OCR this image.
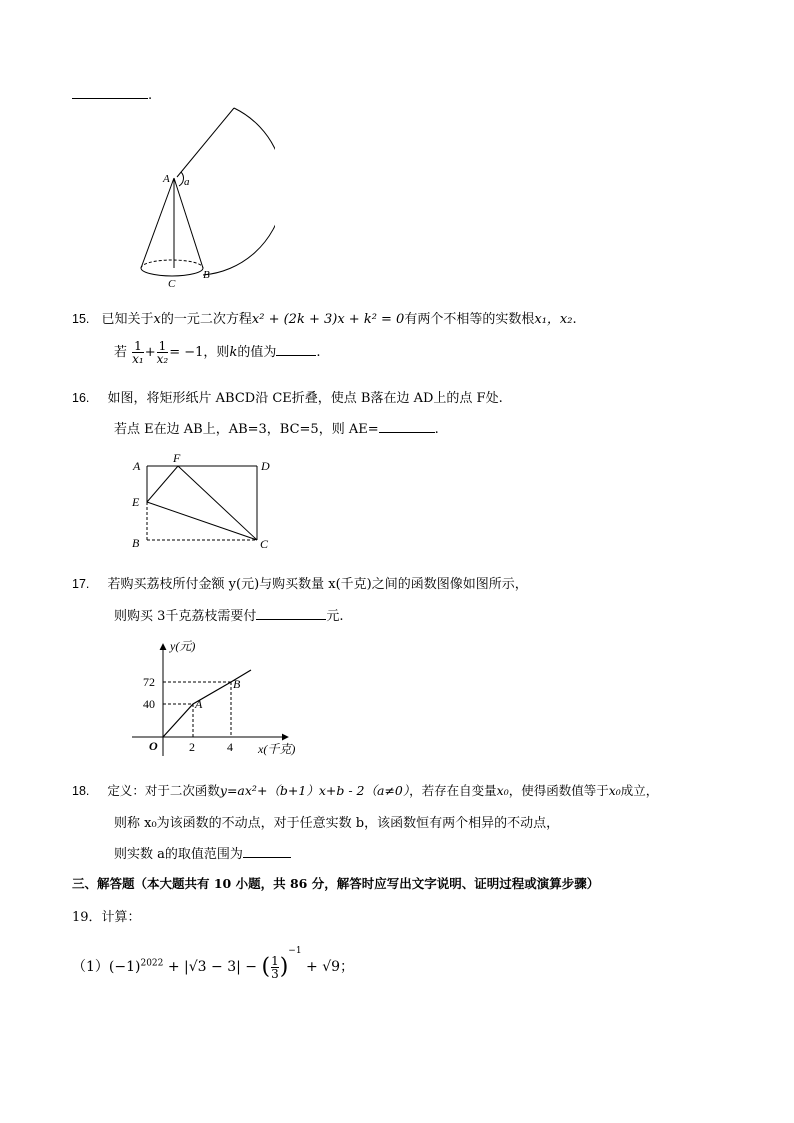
.
A a
B
C
15. 已知关于x的一元二次方程x² + (2k + 3)x + k² = 0有两个不相等的实数根x₁，x₂.
若 $\frac{1}{\text{x₁}} + \frac{1}{\text{x₂}} = -1$，则k的值为	.
16. 如图，将矩形纸片 ABCD沿 CE折叠，使点 B落在边 AD上的点 F处.
若点 E在边 AB上，AB=3，BC=5，则 AE=	.
A
F
D
E
B	C
17. 若购买荔枝所付金额 y(元)与购买数量 x(千克)之间的函数图像如图所示，
则购买 3千克荔枝需要付	元.
y(元)
x(千克)
O
72
40
2	4
A
B
18. 定义：对于二次函数y=ax²+（b+1）x+b - 2（a≠0），若存在自变量x₀，使得函数值等于x₀成立，
则称 x₀为该函数的不动点，对于任意实数 b，该函数恒有两个相异的不动点，
则实数 a的取值范围为
三、解答题（本大题共有 10 小题，共 86 分，解答时应写出文字说明、证明过程或演算步骤）
19．计算：
$(1)(-1)^{2022} + |√3 - 3|$ − ( $\frac{1}{3} )^{-1} + √9$；
